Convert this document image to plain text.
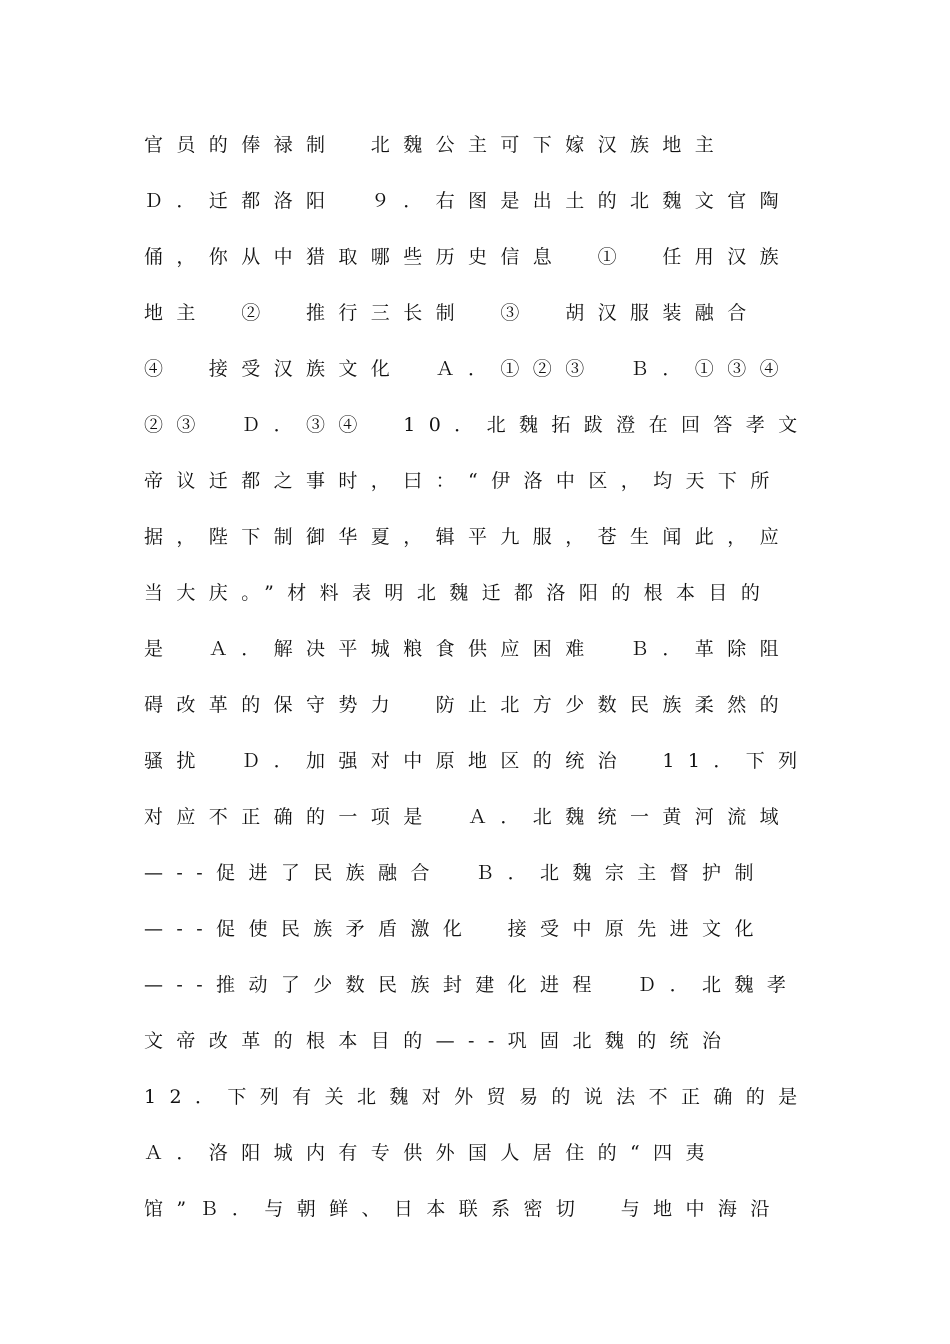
官员的俸禄制　北魏公主可下嫁汉族地主
Ｄ．迁都洛阳　９．右图是出土的北魏文官陶
俑，你从中猎取哪些历史信息　①　任用汉族
地主　②　推行三长制　③　胡汉服装融合
④　接受汉族文化　Ａ．①②③　Ｂ．①③④
②③　Ｄ．③④　10．北魏拓跋澄在回答孝文
帝议迁都之事时，曰：“伊洛中区，均天下所
据，陛下制御华夏，辑平九服，苍生闻此，应
当大庆。”材料表明北魏迁都洛阳的根本目的
是　Ａ．解决平城粮食供应困难　Ｂ．革除阻
碍改革的保守势力　防止北方少数民族柔然的
骚扰　Ｄ．加强对中原地区的统治　11．下列
对应不正确的一项是　Ａ．北魏统一黄河流域
—--促进了民族融合　Ｂ．北魏宗主督护制
—--促使民族矛盾激化　接受中原先进文化
—--推动了少数民族封建化进程　Ｄ．北魏孝
文帝改革的根本目的—--巩固北魏的统治
12．下列有关北魏对外贸易的说法不正确的是
Ａ．洛阳城内有专供外国人居住的“四夷
馆”Ｂ．与朝鲜、日本联系密切　与地中海沿
